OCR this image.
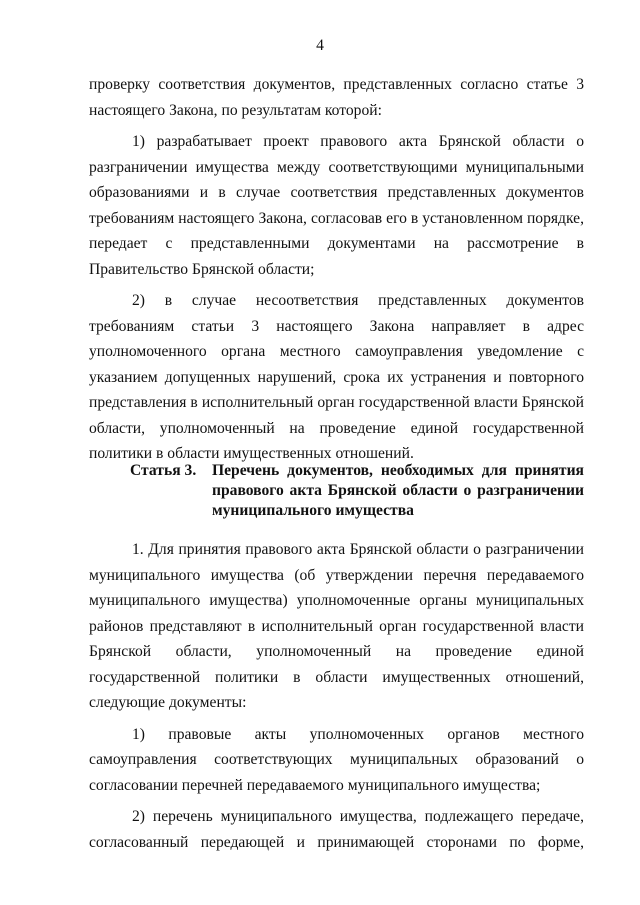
4

проверку соответствия документов, представленных согласно статье 3 настоящего Закона, по результатам которой:

1) разрабатывает проект правового акта Брянской области о разграничении имущества между соответствующими муниципальными образованиями и в случае соответствия представленных документов требованиям настоящего Закона, согласовав его в установленном порядке, передает с представленными документами на рассмотрение в Правительство Брянской области;

2) в случае несоответствия представленных документов требованиям статьи 3 настоящего Закона направляет в адрес уполномоченного органа местного самоуправления уведомление с указанием допущенных нарушений, срока их устранения и повторного представления в исполнительный орган государственной власти Брянской области, уполномоченный на проведение единой государственной политики в области имущественных отношений.

Статья 3. Перечень документов, необходимых для принятия
правового акта Брянской области о разграничении
муниципального имущества

1. Для принятия правового акта Брянской области о разграничении муниципального имущества (об утверждении перечня передаваемого муниципального имущества) уполномоченные органы муниципальных районов представляют в исполнительный орган государственной власти Брянской области, уполномоченный на проведение единой государственной политики в области имущественных отношений, следующие документы:

1) правовые акты уполномоченных органов местного самоуправления соответствующих муниципальных образований о согласовании перечней передаваемого муниципального имущества;

2) перечень муниципального имущества, подлежащего передаче, согласованный передающей и принимающей сторонами по форме,
